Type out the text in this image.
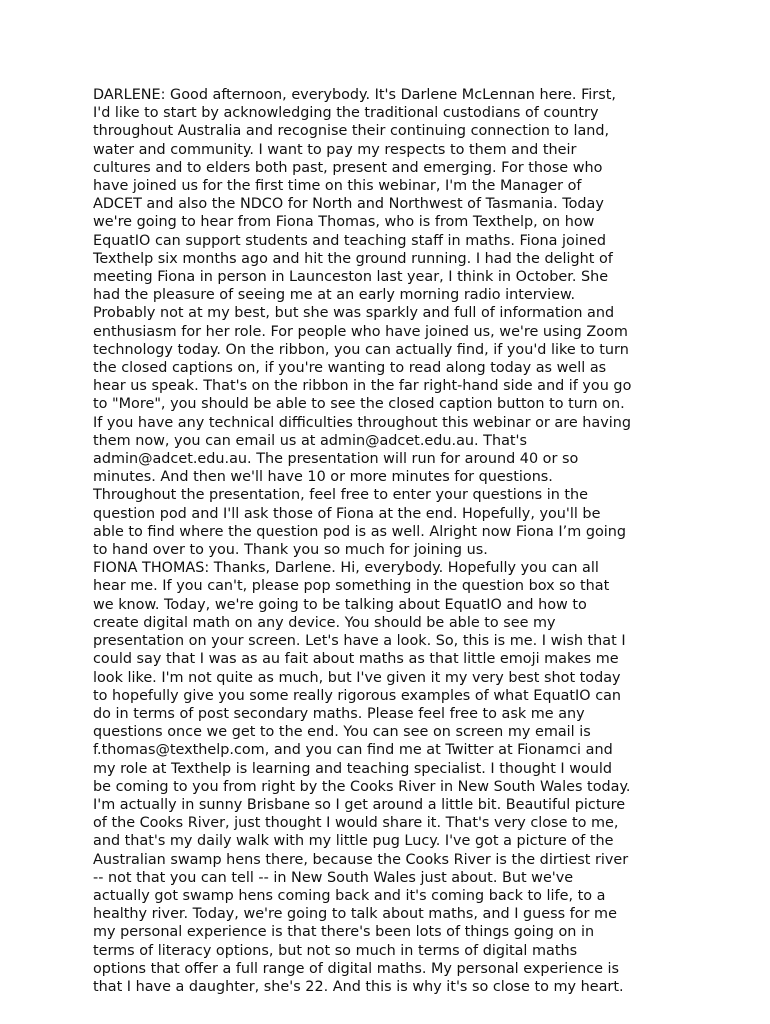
DARLENE: Good afternoon, everybody. It's Darlene McLennan here. First,
I'd like to start by acknowledging the traditional custodians of country
throughout Australia and recognise their continuing connection to land,
water and community. I want to pay my respects to them and their
cultures and to elders both past, present and emerging. For those who
have joined us for the first time on this webinar, I'm the Manager of
ADCET and also the NDCO for North and Northwest of Tasmania. Today
we're going to hear from Fiona Thomas, who is from Texthelp, on how
EquatIO can support students and teaching staff in maths. Fiona joined
Texthelp six months ago and hit the ground running. I had the delight of
meeting Fiona in person in Launceston last year, I think in October. She
had the pleasure of seeing me at an early morning radio interview.
Probably not at my best, but she was sparkly and full of information and
enthusiasm for her role. For people who have joined us, we're using Zoom
technology today. On the ribbon, you can actually find, if you'd like to turn
the closed captions on, if you're wanting to read along today as well as
hear us speak. That's on the ribbon in the far right-hand side and if you go
to "More", you should be able to see the closed caption button to turn on.
If you have any technical difficulties throughout this webinar or are having
them now, you can email us at admin@adcet.edu.au. That's
admin@adcet.edu.au. The presentation will run for around 40 or so
minutes. And then we'll have 10 or more minutes for questions.
Throughout the presentation, feel free to enter your questions in the
question pod and I'll ask those of Fiona at the end. Hopefully, you'll be
able to find where the question pod is as well. Alright now Fiona I’m going
to hand over to you. Thank you so much for joining us.
FIONA THOMAS: Thanks, Darlene. Hi, everybody. Hopefully you can all
hear me. If you can't, please pop something in the question box so that
we know. Today, we're going to be talking about EquatIO and how to
create digital math on any device. You should be able to see my
presentation on your screen. Let's have a look. So, this is me. I wish that I
could say that I was as au fait about maths as that little emoji makes me
look like. I'm not quite as much, but I've given it my very best shot today
to hopefully give you some really rigorous examples of what EquatIO can
do in terms of post secondary maths. Please feel free to ask me any
questions once we get to the end. You can see on screen my email is
f.thomas@texthelp.com, and you can find me at Twitter at Fionamci and
my role at Texthelp is learning and teaching specialist. I thought I would
be coming to you from right by the Cooks River in New South Wales today.
I'm actually in sunny Brisbane so I get around a little bit. Beautiful picture
of the Cooks River, just thought I would share it. That's very close to me,
and that's my daily walk with my little pug Lucy. I've got a picture of the
Australian swamp hens there, because the Cooks River is the dirtiest river
-- not that you can tell -- in New South Wales just about. But we've
actually got swamp hens coming back and it's coming back to life, to a
healthy river. Today, we're going to talk about maths, and I guess for me
my personal experience is that there's been lots of things going on in
terms of literacy options, but not so much in terms of digital maths
options that offer a full range of digital maths. My personal experience is
that I have a daughter, she's 22. And this is why it's so close to my heart.
